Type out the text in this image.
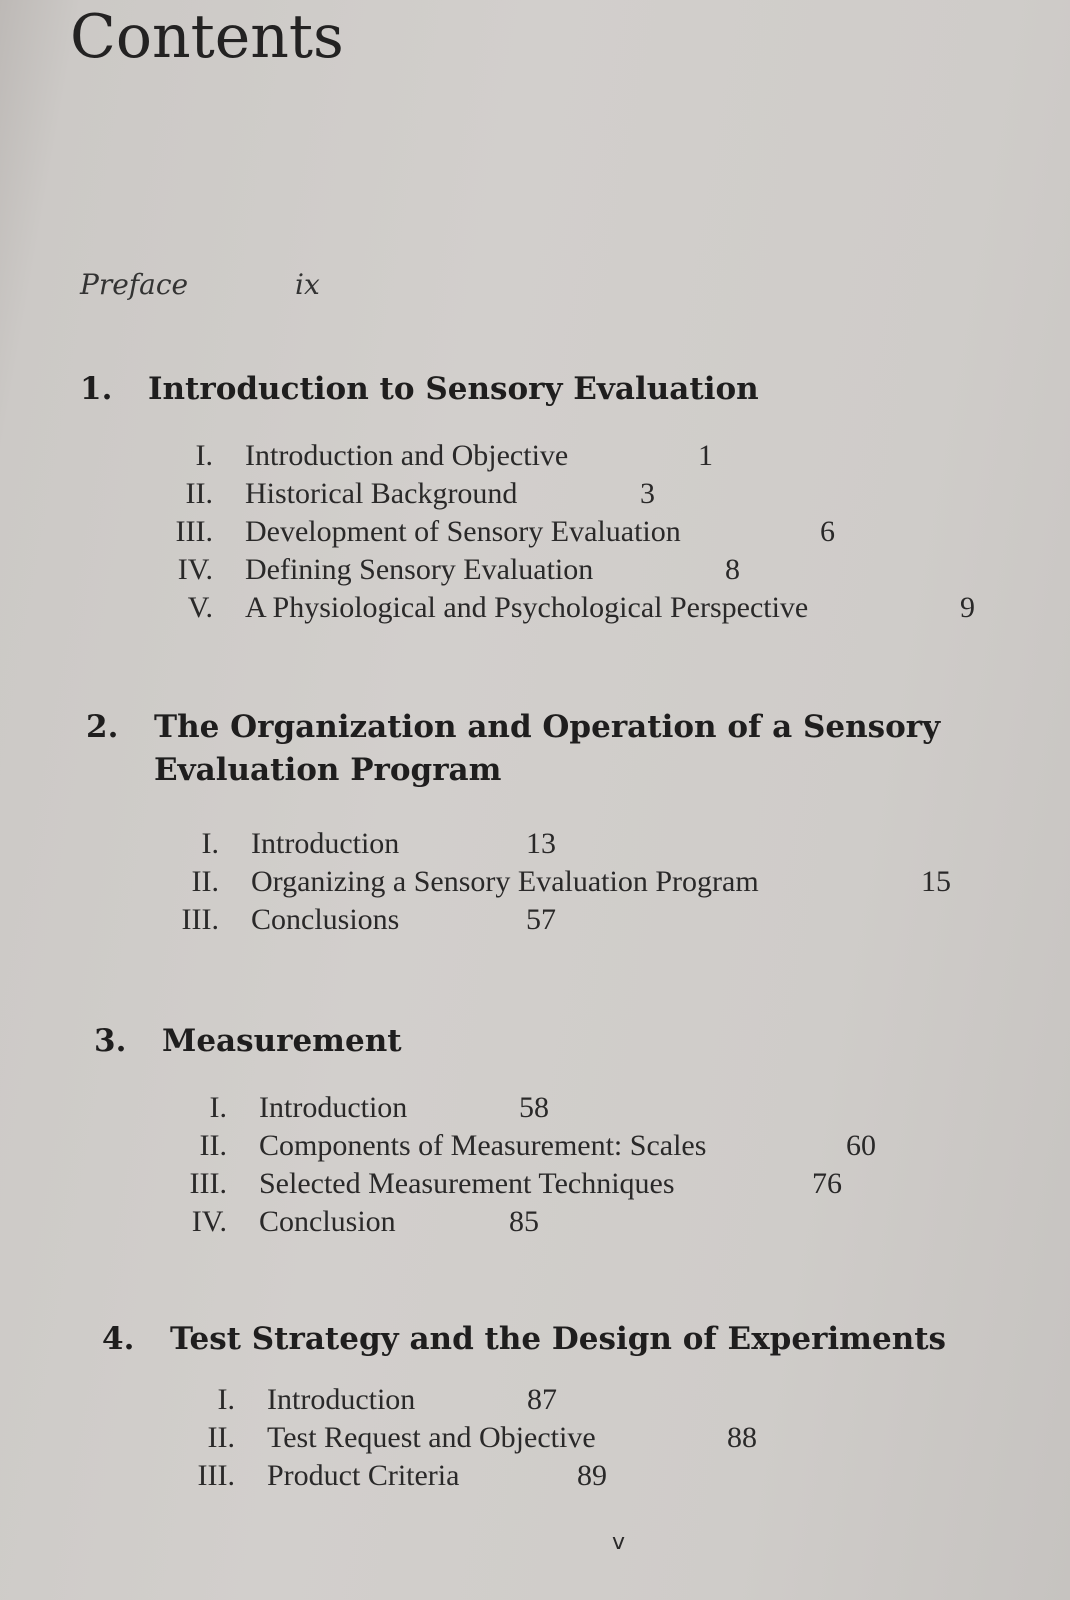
Contents
Preface	ix
1.	Introduction to Sensory Evaluation
I.	Introduction and Objective	1
II.	Historical Background	3
III.	Development of Sensory Evaluation	6
IV.	Defining Sensory Evaluation	8
V.	A Physiological and Psychological Perspective	9
2.	The Organization and Operation of a Sensory Evaluation Program
I.	Introduction	13
II.	Organizing a Sensory Evaluation Program	15
III.	Conclusions	57
3.	Measurement
I.	Introduction	58
II.	Components of Measurement: Scales	60
III.	Selected Measurement Techniques	76
IV.	Conclusion	85
4.	Test Strategy and the Design of Experiments
I.	Introduction	87
II.	Test Request and Objective	88
III.	Product Criteria	89
v
